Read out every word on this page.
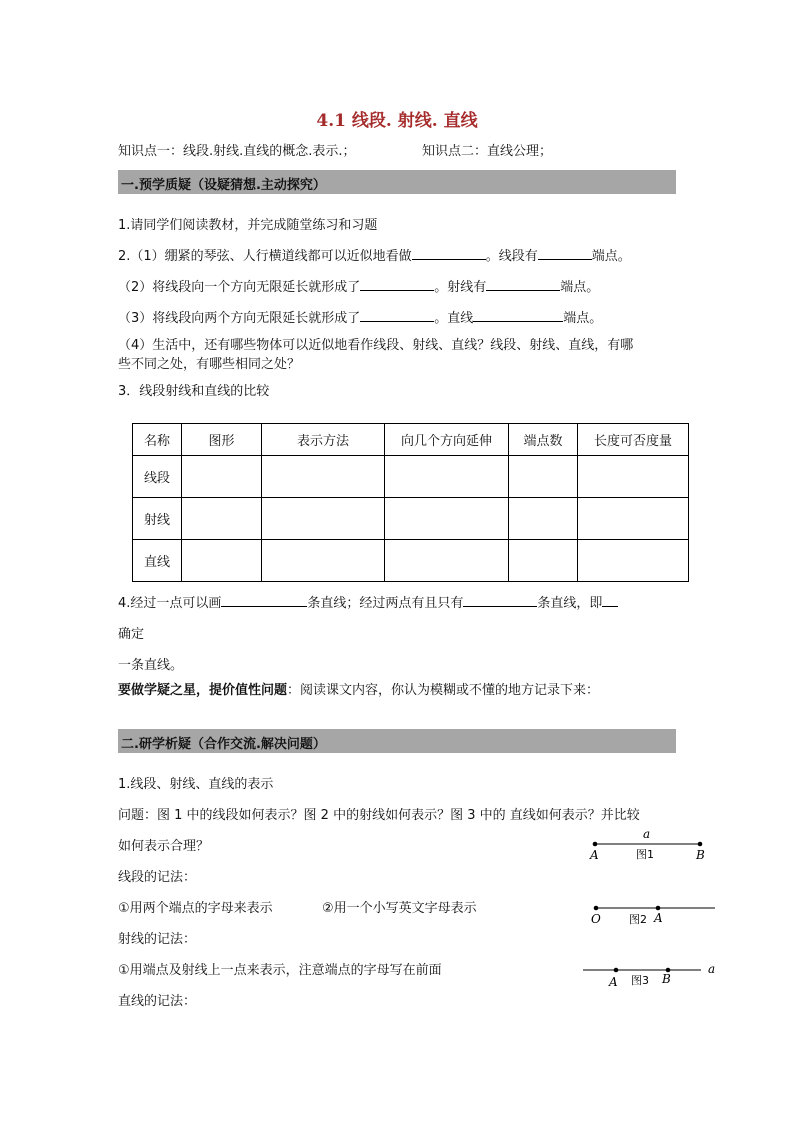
4.1 线段. 射线. 直线
知识点一：线段.射线.直线的概念.表示.；	知识点二：直线公理；
一.预学质疑（设疑猜想.主动探究）
1.请同学们阅读教材，并完成随堂练习和习题
2.（1）绷紧的琴弦、人行横道线都可以近似地看做	。线段有	端点。
（2）将线段向一个方向无限延长就形成了	。射线有	端点。
（3）将线段向两个方向无限延长就形成了	。直线	端点。
（4）生活中，还有哪些物体可以近似地看作线段、射线、直线？线段、射线、直线，有哪
些不同之处，有哪些相同之处？
3．线段射线和直线的比较
名称	图形	表示方法	向几个方向延伸	端点数	长度可否度量
线段					
射线					
直线					
4.经过一点可以画	条直线；经过两点有且只有	条直线，即
确定
一条直线。
要做学疑之星，提价值性问题：阅读课文内容，你认为模糊或不懂的地方记录下来：
二.研学析疑（合作交流.解决问题）
1.线段、射线、直线的表示
问题：图 1 中的线段如何表示？图 2 中的射线如何表示？图 3 中的 直线如何表示？并比较
如何表示合理？
线段的记法：
①用两个端点的字母来表示	②用一个小写英文字母表示
射线的记法：
①用端点及射线上一点来表示，注意端点的字母写在前面
直线的记法：
a
A	B
图1
O	图2 A
a
A 图3 B
